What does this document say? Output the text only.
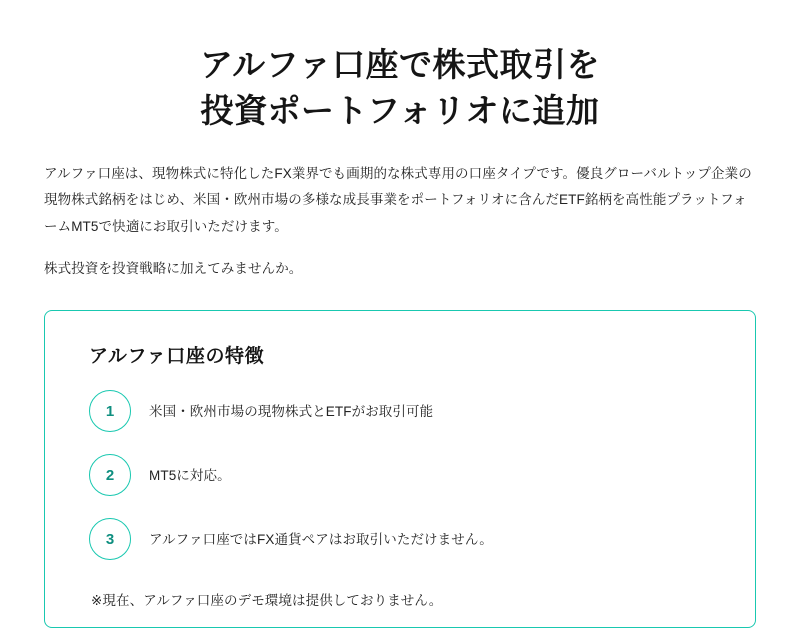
アルファ口座で株式取引を
投資ポートフォリオに追加

アルファ口座は、現物株式に特化したFX業界でも画期的な株式専用の口座タイプです。優良グローバルトップ企業の現物株式銘柄をはじめ、米国・欧州市場の多様な成長事業をポートフォリオに含んだETF銘柄を高性能プラットフォームMT5で快適にお取引いただけます。

株式投資を投資戦略に加えてみませんか。

アルファ口座の特徴
1	米国・欧州市場の現物株式とETFがお取引可能
2	MT5に対応。
3	アルファ口座ではFX通貨ペアはお取引いただけません。

※現在、アルファ口座のデモ環境は提供しておりません。
